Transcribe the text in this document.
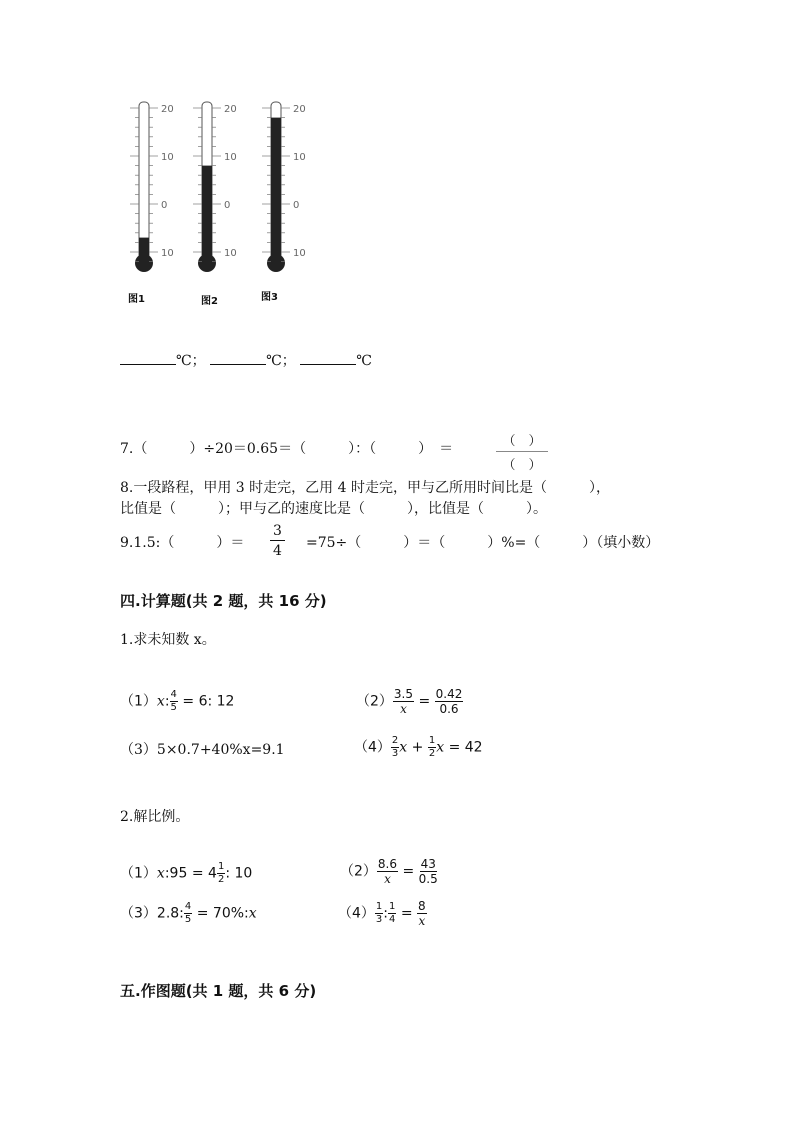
20
10
0
10
20
10
0
10
20
10
0
10
图1	图2	图3
℃；	℃；	℃
7.（　　　）÷20＝0.65＝（　　　）：（　　　）　＝	（　）
（　）
8.一段路程，甲用 3 时走完，乙用 4 时走完，甲与乙所用时间比是（　　　），
比值是（　　　）；甲与乙的速度比是（　　　），比值是（　　　）。
9.1.5:（　　　）＝ $\frac{3}{4} =75\div$（　　　）＝（　　　）%=（　　　）（填小数）
四.计算题(共 2 题，共 16 分)
1.求未知数 x。
（1）x: $\frac{4}{5} = 6$: 12	$(2) \frac{3.5}{x} = \frac{0.42}{0.6}$
（3）5×0.7+40%x=9.1	$(4) \frac{2}{3}$ $x + \frac{1}{2}$ x = 42
2.解比例。
（1）x:95 = $4 \frac{1}{2}$ : 10	$(2) \frac{8.6}{x} = \frac{43}{0.5}$
（3）2.8: $\frac{4}{5}$ = 70%:x	$(4) \frac{1}{3}$ : $\frac{1}{4} = \frac{8}{x}$
五.作图题(共 1 题，共 6 分)
